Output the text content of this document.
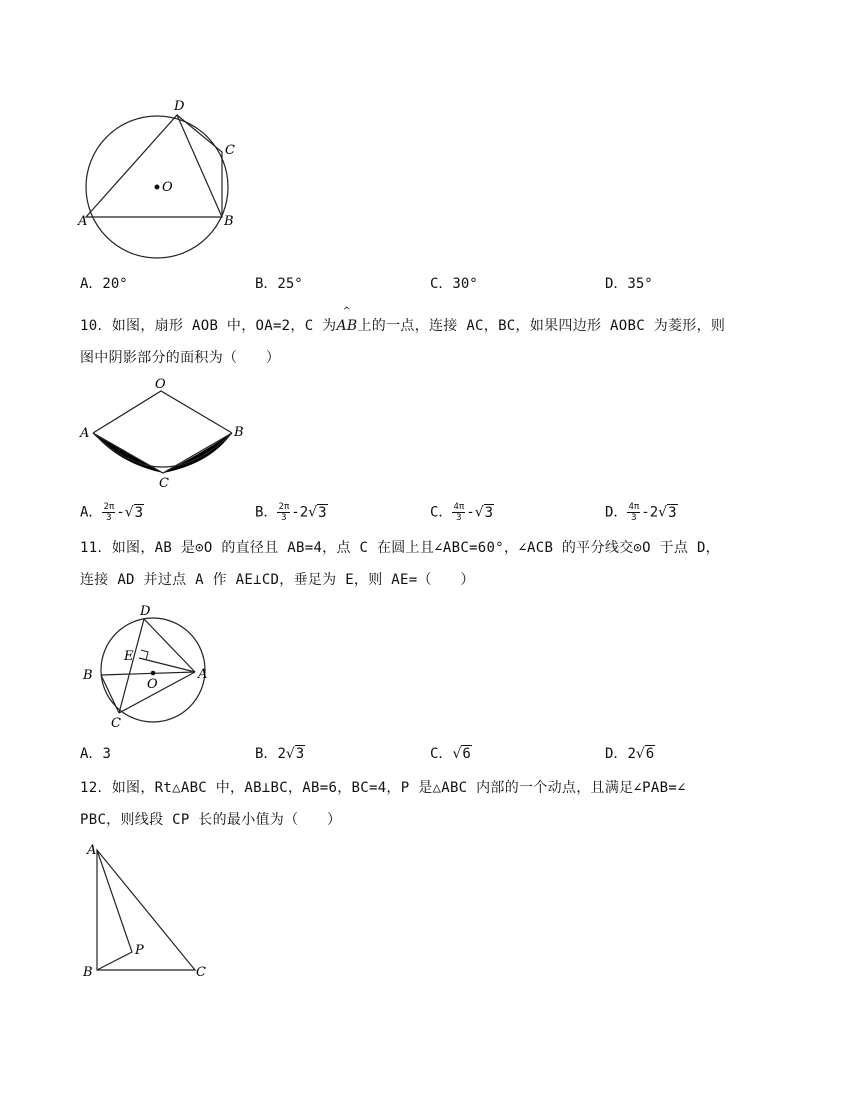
D
C
O
A	B
A．20°	B．25°	C．30°	D．35°
10．如图，扇形 AOB 中，OA=2，C 为
^
AB上的一点，连接 AC，BC，如果四边形 AOBC 为菱形，则
图中阴影部分的面积为（　　）
O
A	B
C
A． $\frac{2\pi}{3} -√3$	B． $\frac{2\pi}{3} -2√3$	C． $\frac{4\pi}{3} -√3$	D． $\frac{4\pi}{3} -2√3$
11．如图，AB 是⊙O 的直径且 AB=4，点 C 在圆上且∠ABC=60°，∠ACB 的平分线交⊙O 于点 D，
连接 AD 并过点 A 作 AE⊥CD，垂足为 E，则 AE=（　　）
D
E
B
O
A
C
A．3	B．2√3	C．√6	D．2√6
12．如图，Rt△ABC 中，AB⊥BC，AB=6，BC=4，P 是△ABC 内部的一个动点，且满足∠PAB=∠
PBC，则线段 CP 长的最小值为（　　）
A
P
B	C
